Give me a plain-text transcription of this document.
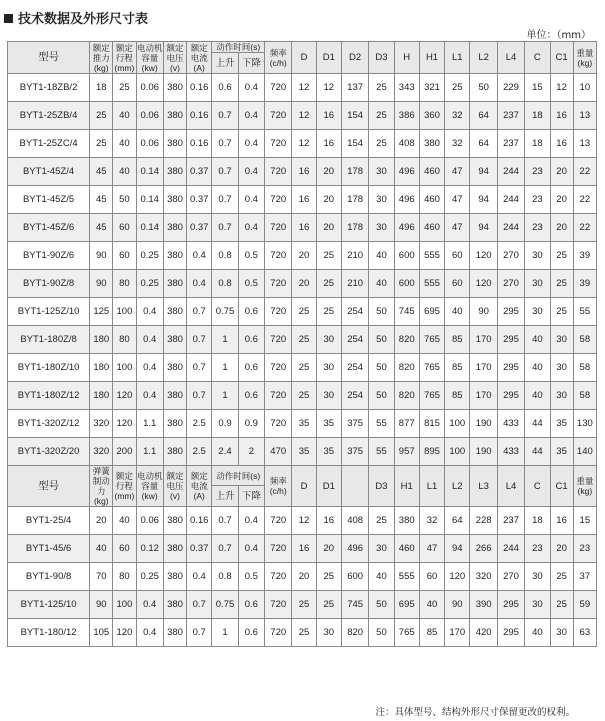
技术数据及外形尺寸表
单位：（mm）
型号	额定推力(kg)	额定行程(mm)	电动机容量(kw)	额定电压(v)	额定电流(A)	动作时间(s)		频率(c/h)	D	D1	D2	D3	H	H1	L1	L2	L4	C	C1	重量(kg)
						上升	下降													
BYT1-18ZB/2	18	25	0.06	380	0.16	0.6	0.4	720	12	12	137	25	343	321	25	50	229	15	12	10
BYT1-25ZB/4	25	40	0.06	380	0.16	0.7	0.4	720	12	16	154	25	386	360	32	64	237	18	16	13
BYT1-25ZC/4	25	40	0.06	380	0.16	0.7	0.4	720	12	16	154	25	408	380	32	64	237	18	16	13
BYT1-45Z/4	45	40	0.14	380	0.37	0.7	0.4	720	16	20	178	30	496	460	47	94	244	23	20	22
BYT1-45Z/5	45	50	0.14	380	0.37	0.7	0.4	720	16	20	178	30	496	460	47	94	244	23	20	22
BYT1-45Z/6	45	60	0.14	380	0.37	0.7	0.4	720	16	20	178	30	496	460	47	94	244	23	20	22
BYT1-90Z/6	90	60	0.25	380	0.4	0.8	0.5	720	20	25	210	40	600	555	60	120	270	30	25	39
BYT1-90Z/8	90	80	0.25	380	0.4	0.8	0.5	720	20	25	210	40	600	555	60	120	270	30	25	39
BYT1-125Z/10	125	100	0.4	380	0.7	0.75	0.6	720	25	25	254	50	745	695	40	90	295	30	25	55
BYT1-180Z/8	180	80	0.4	380	0.7	1	0.6	720	25	30	254	50	820	765	85	170	295	40	30	58
BYT1-180Z/10	180	100	0.4	380	0.7	1	0.6	720	25	30	254	50	820	765	85	170	295	40	30	58
BYT1-180Z/12	180	120	0.4	380	0.7	1	0.6	720	25	30	254	50	820	765	85	170	295	40	30	58
BYT1-320Z/12	320	120	1.1	380	2.5	0.9	0.9	720	35	35	375	55	877	815	100	190	433	44	35	130
BYT1-320Z/20	320	200	1.1	380	2.5	2.4	2	470	35	35	375	55	957	895	100	190	433	44	35	140
型号	弹簧制动力(kg)	额定行程(mm)	电动机容量(kw)	额定电压(v)	额定电流(A)	动作时间(s)		频率(c/h)	D	D1		D3	H1	L1	L2	L3	L4	C	C1	重量(kg)
						上升	下降													
BYT1-25/4	20	40	0.06	380	0.16	0.7	0.4	720	12	16	408	25	380	32	64	228	237	18	16	15
BYT1-45/6	40	60	0.12	380	0.37	0.7	0.4	720	16	20	496	30	460	47	94	266	244	23	20	23
BYT1-90/8	70	80	0.25	380	0.4	0.8	0.5	720	20	25	600	40	555	60	120	320	270	30	25	37
BYT1-125/10	90	100	0.4	380	0.7	0.75	0.6	720	25	25	745	50	695	40	90	390	295	30	25	59
BYT1-180/12	105	120	0.4	380	0.7	1	0.6	720	25	30	820	50	765	85	170	420	295	40	30	63
注：具体型号、结构外形尺寸保留更改的权利。
